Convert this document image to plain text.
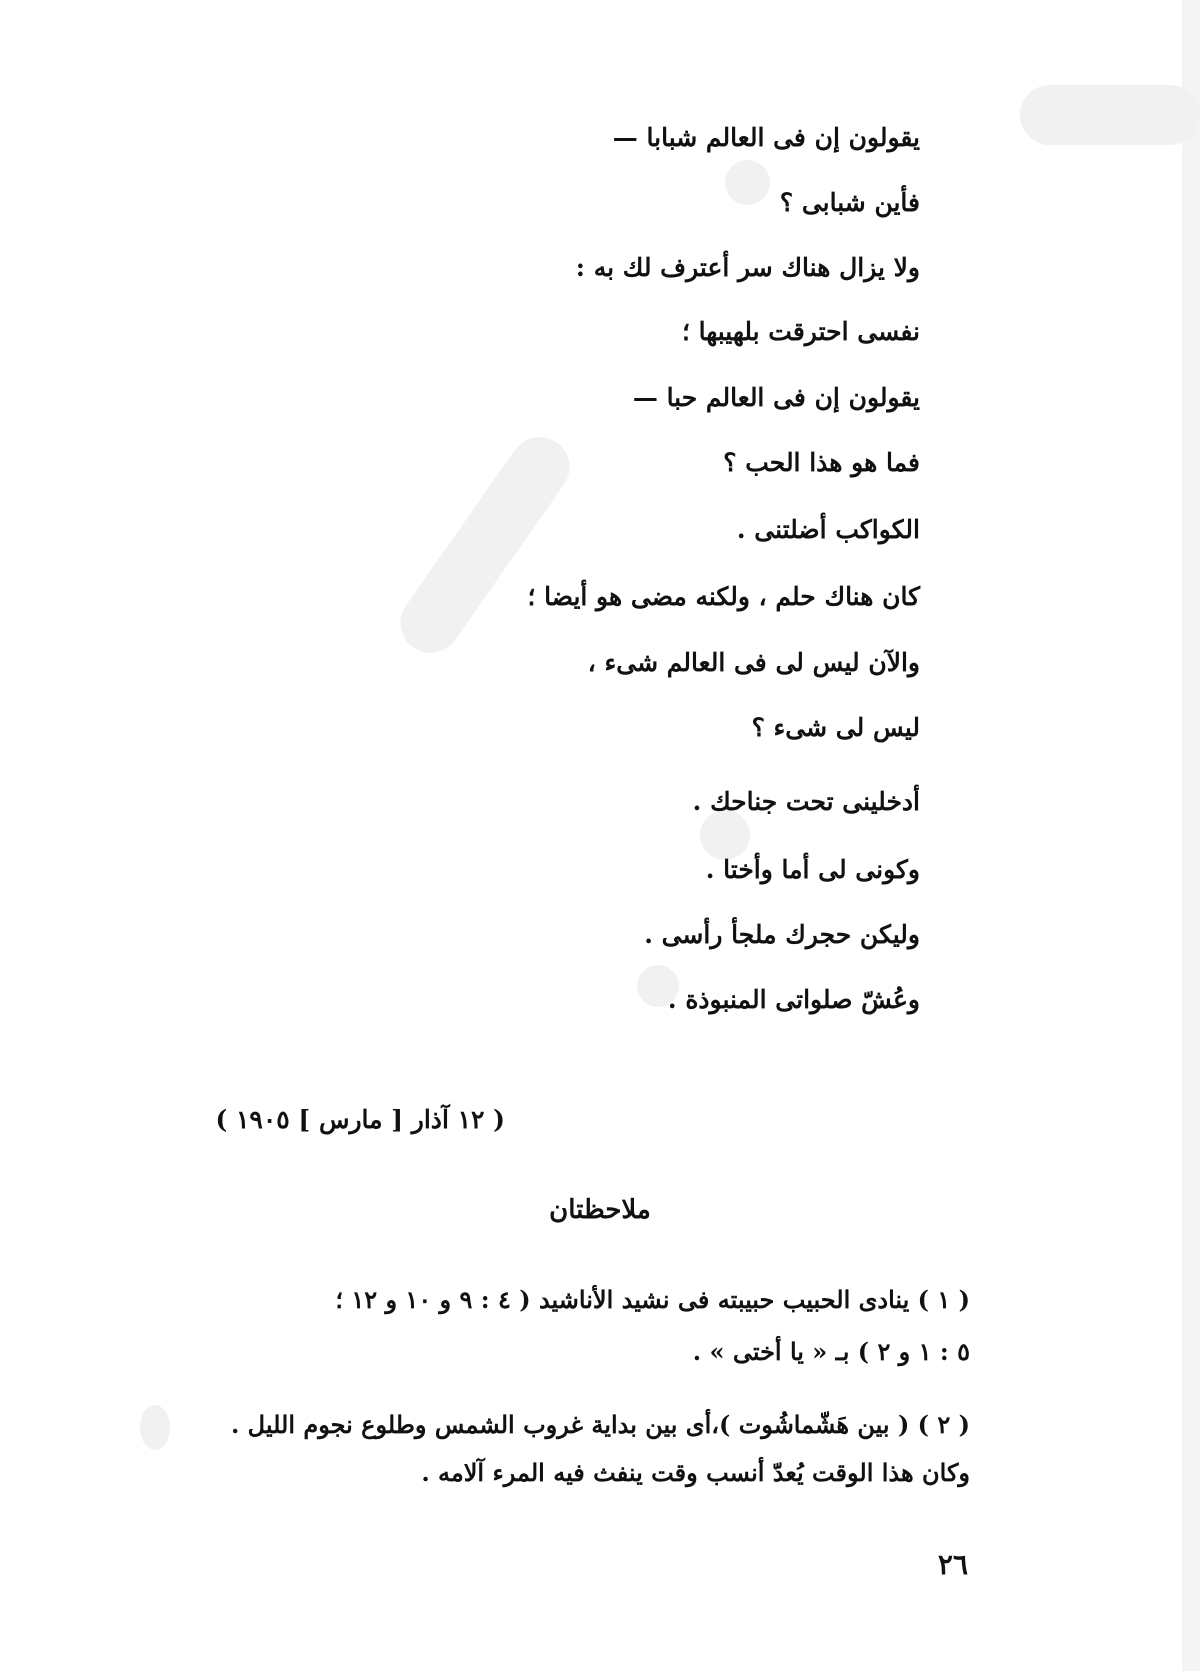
يقولون إن فى العالم شبابا —
فأين شبابى ؟
ولا يزال هناك سر أعترف لك به :
نفسى احترقت بلهيبها ؛
يقولون إن فى العالم حبا —
فما هو هذا الحب ؟
الكواكب أضلتنى .
كان هناك حلم ، ولكنه مضى هو أيضا ؛
والآن ليس لى فى العالم شىء ،
ليس لى شىء ؟
أدخلينى تحت جناحك .
وكونى لى أما وأختا .
وليكن حجرك ملجأ رأسى .
وعُشّ صلواتى المنبوذة .
( ١٢ آذار [ مارس ] ١٩٠٥ )
ملاحظتان
( ١ ) ينادى الحبيب حبيبته فى نشيد الأناشيد ( ٤ : ٩ و ١٠ و ١٢ ؛
٥ : ١ و ٢ ) بـ « يا أختى » .
( ٢ ) ( بين هَشّماشُوت )،أى بين بداية غروب الشمس وطلوع نجوم الليل .
وكان هذا الوقت يُعدّ أنسب وقت ينفث فيه المرء آلامه .
٢٦
